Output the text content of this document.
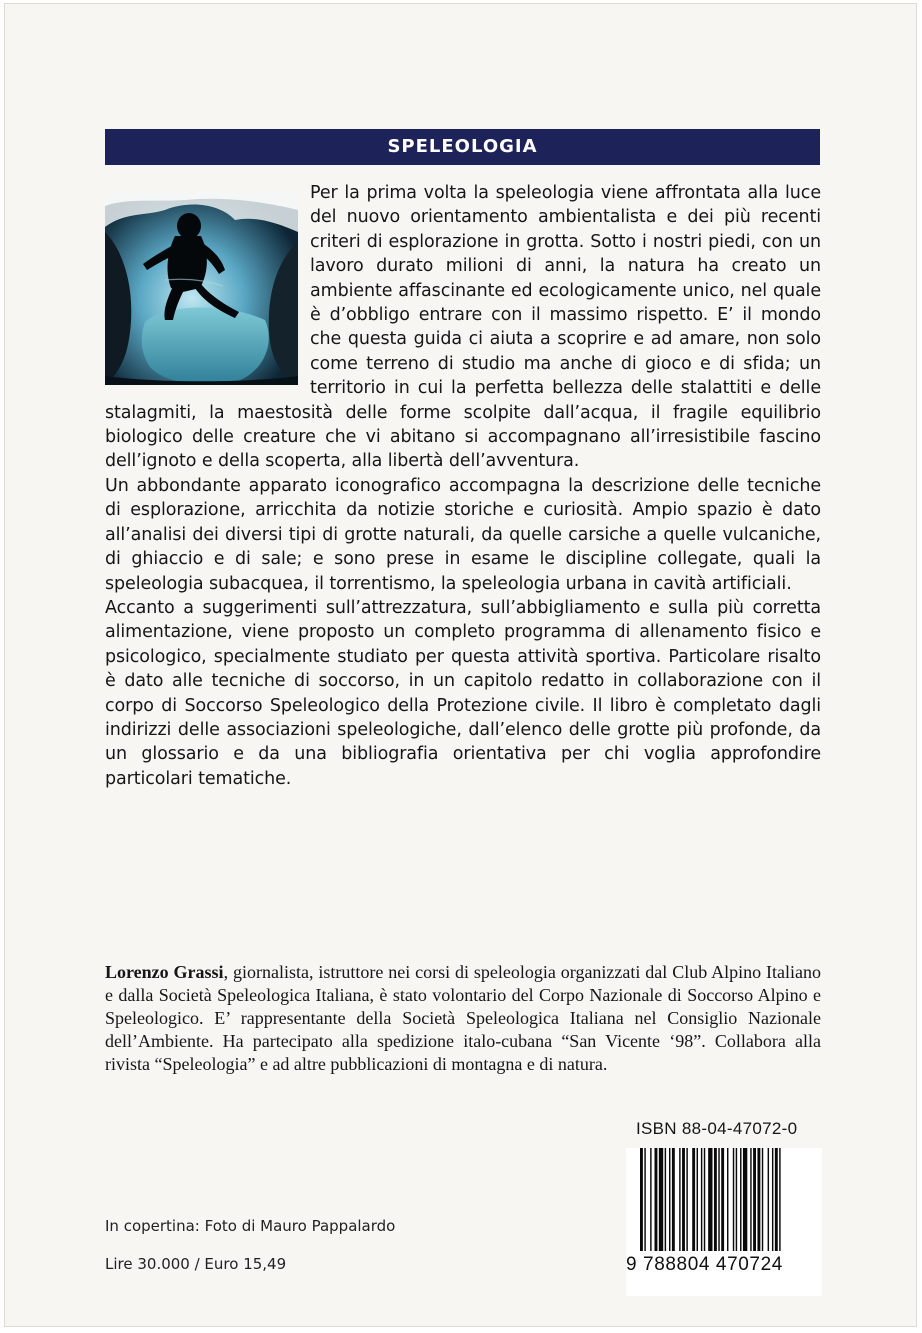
SPELEOLOGIA

Per la prima volta la speleologia viene affrontata alla luce del nuovo orientamento ambientalista e dei più recenti criteri di esplorazione in grotta. Sotto i nostri piedi, con un lavoro durato milioni di anni, la natura ha creato un ambiente affascinante ed ecologicamente unico, nel quale è d’obbligo entrare con il massimo rispetto. E’ il mondo che questa guida ci aiuta a scoprire e ad amare, non solo come terreno di studio ma anche di gioco e di sfida; un territorio in cui la perfetta bellezza delle stalattiti e delle stalagmiti, la maestosità delle forme scolpite dall’acqua, il fragile equilibrio biologico delle creature che vi abitano si accompagnano all’irresistibile fascino dell’ignoto e della scoperta, alla libertà dell’avventura.

Un abbondante apparato iconografico accompagna la descrizione delle tecniche di esplorazione, arricchita da notizie storiche e curiosità. Ampio spazio è dato all’analisi dei diversi tipi di grotte naturali, da quelle carsiche a quelle vulcaniche, di ghiaccio e di sale; e sono prese in esame le discipline collegate, quali la speleologia subacquea, il torrentismo, la speleologia urbana in cavità artificiali.

Accanto a suggerimenti sull’attrezzatura, sull’abbigliamento e sulla più corretta alimentazione, viene proposto un completo programma di allenamento fisico e psicologico, specialmente studiato per questa attività sportiva. Particolare risalto è dato alle tecniche di soccorso, in un capitolo redatto in collaborazione con il corpo di Soccorso Speleologico della Protezione civile. Il libro è completato dagli indirizzi delle associazioni speleologiche, dall’elenco delle grotte più profonde, da un glossario e da una bibliografia orientativa per chi voglia approfondire particolari tematiche.

Lorenzo Grassi, giornalista, istruttore nei corsi di speleologia organizzati dal Club Alpino Italiano e dalla Società Speleologica Italiana, è stato volontario del Corpo Nazionale di Soccorso Alpino e Speleologico. E’ rappresentante della Società Speleologica Italiana nel Consiglio Nazionale dell’Ambiente. Ha partecipato alla spedizione italo-cubana “San Vicente ‘98”. Collabora alla rivista “Speleologia” e ad altre pubblicazioni di montagna e di natura.
ISBN 88-04-47072-0
9 788804 470724
In copertina: Foto di Mauro Pappalardo
Lire 30.000 / Euro 15,49
